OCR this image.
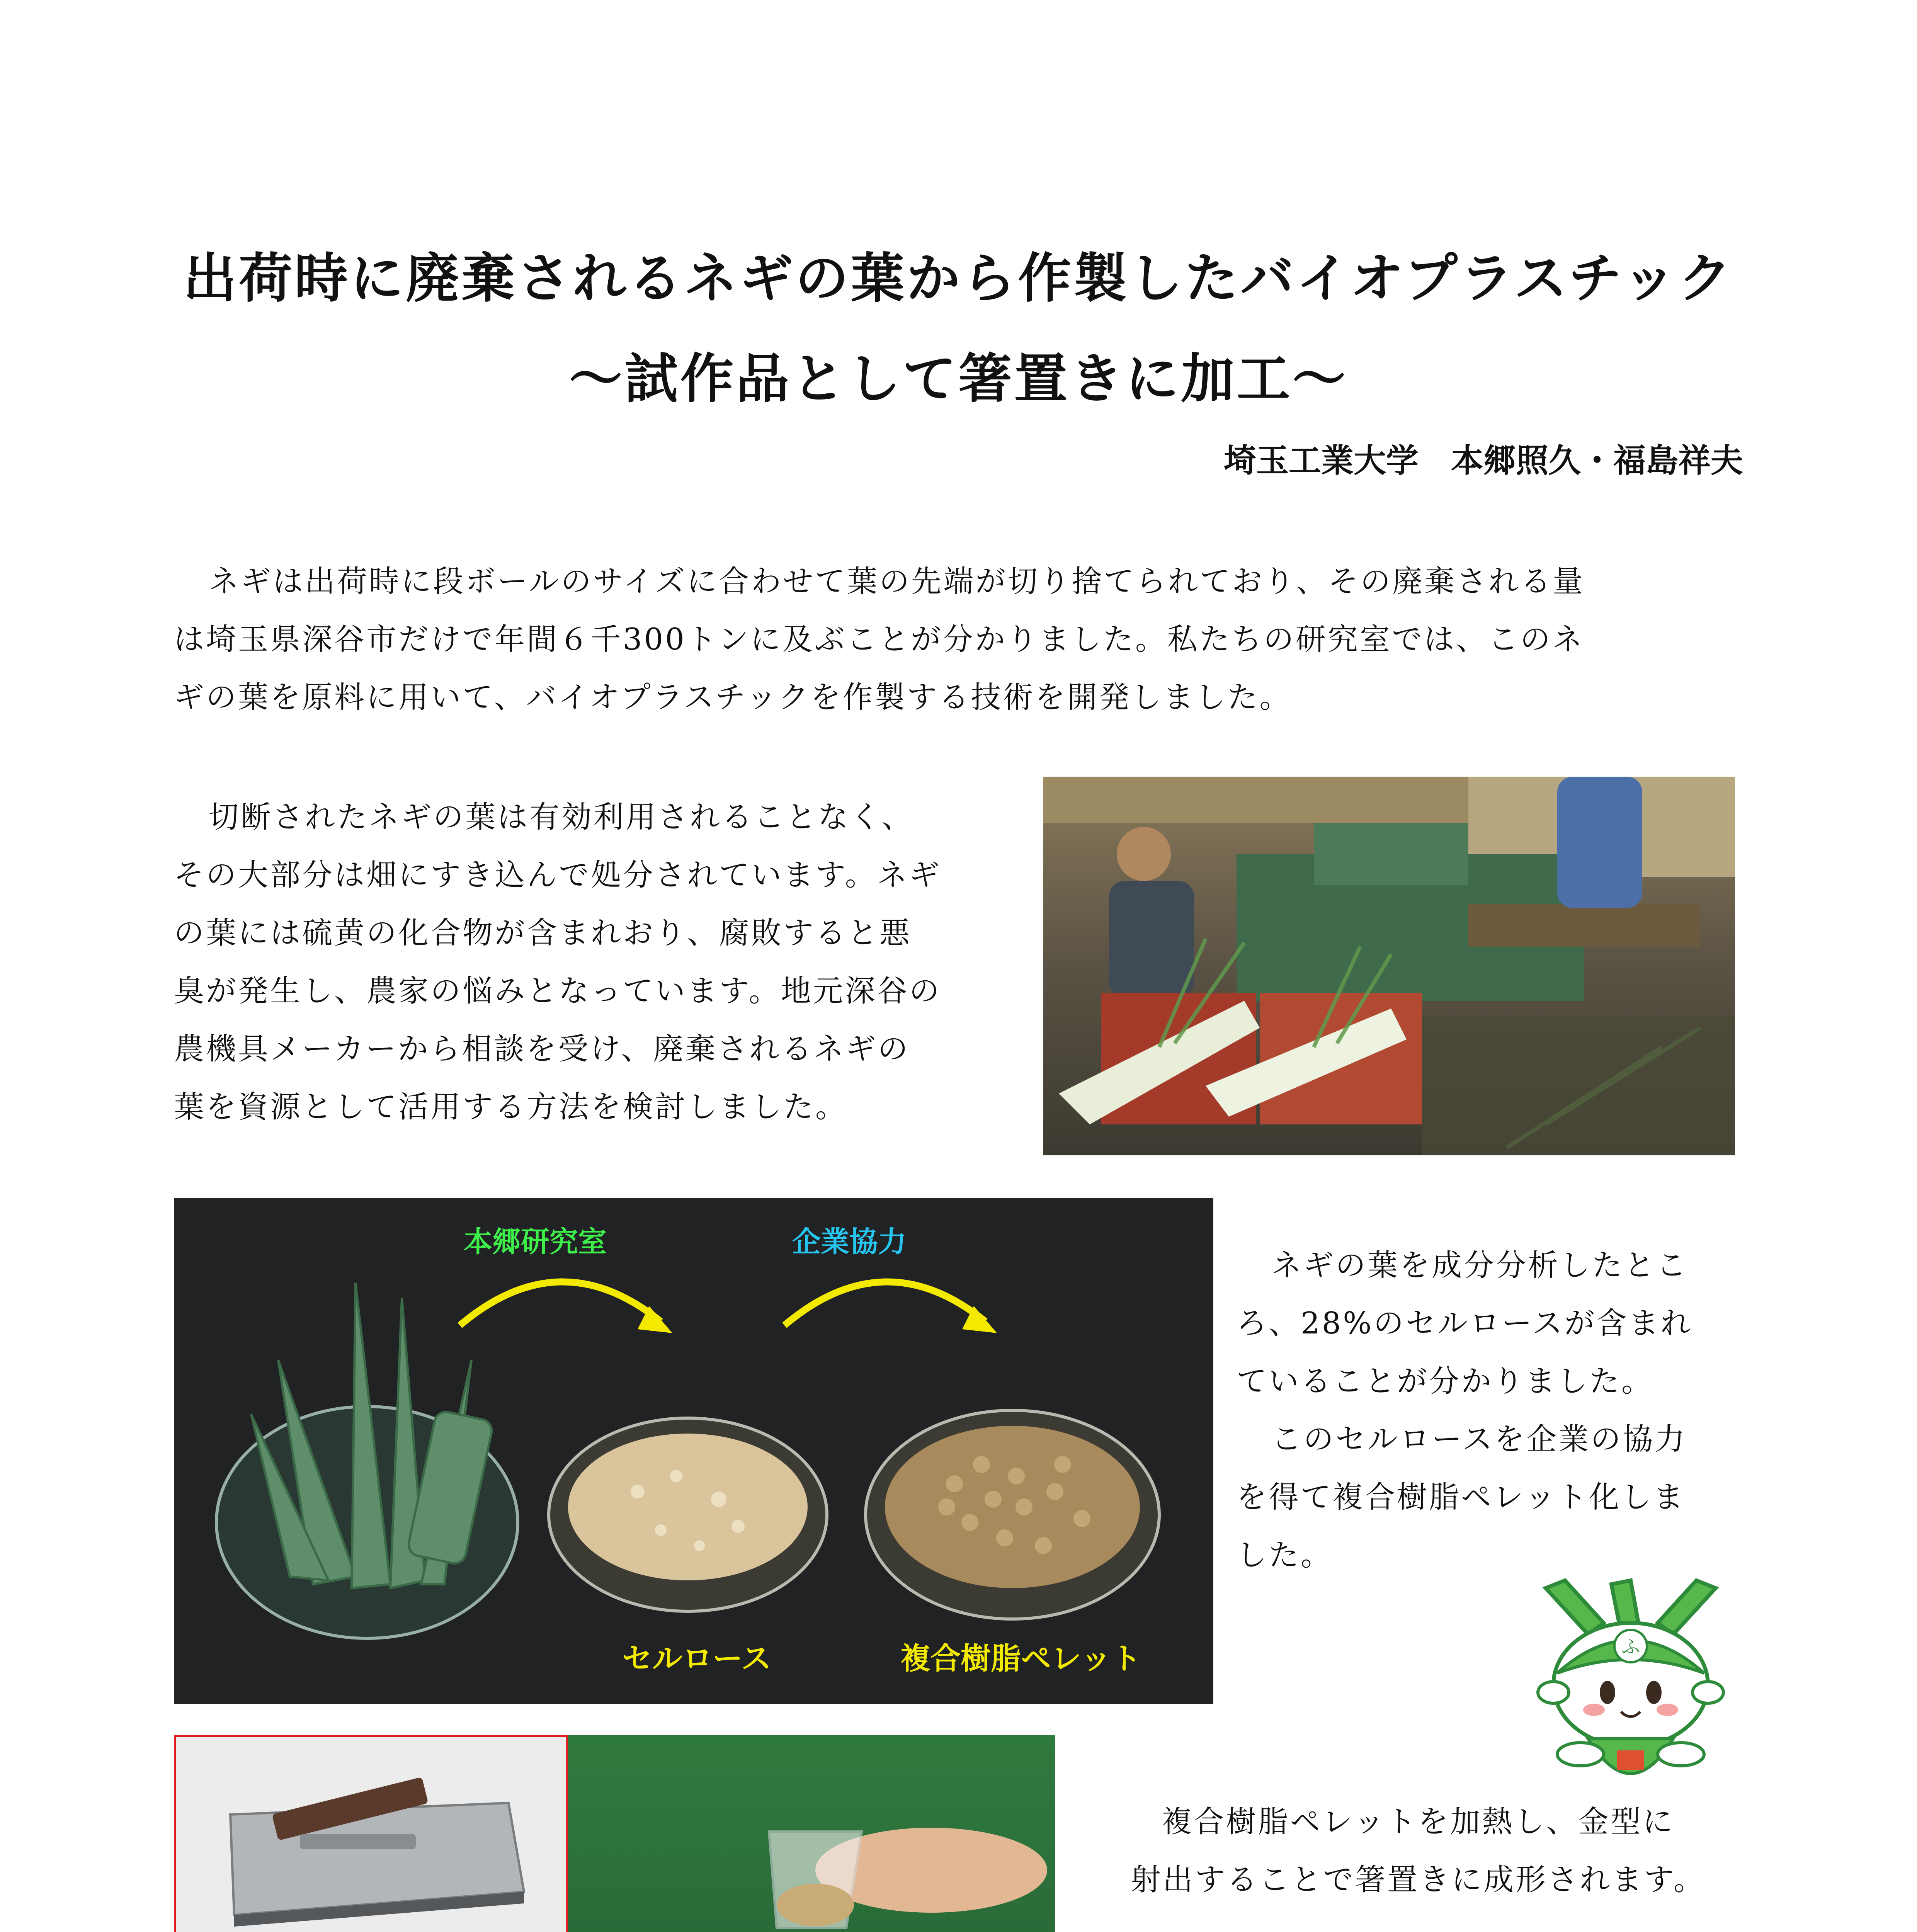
出荷時に廃棄されるネギの葉から作製したバイオプラスチック
〜試作品として箸置きに加工〜
埼玉工業大学　本郷照久・福島祥夫
ネギは出荷時に段ボールのサイズに合わせて葉の先端が切り捨てられており、その廃棄される量
は埼玉県深谷市だけで年間６千300トンに及ぶことが分かりました。私たちの研究室では、このネ
ギの葉を原料に用いて、バイオプラスチックを作製する技術を開発しました。
切断されたネギの葉は有効利用されることなく、
その大部分は畑にすき込んで処分されています。ネギ
の葉には硫黄の化合物が含まれおり、腐敗すると悪
臭が発生し、農家の悩みとなっています。地元深谷の
農機具メーカーから相談を受け、廃棄されるネギの
葉を資源として活用する方法を検討しました。
本郷研究室	企業協力
セルロース	複合樹脂ペレット
ネギの葉を成分分析したとこ
ろ、28%のセルロースが含まれ
ていることが分かりました。
このセルロースを企業の協力
を得て複合樹脂ペレット化しま
した。
ふ
複合樹脂ペレットを加熱し、金型に
射出することで箸置きに成形されます。
